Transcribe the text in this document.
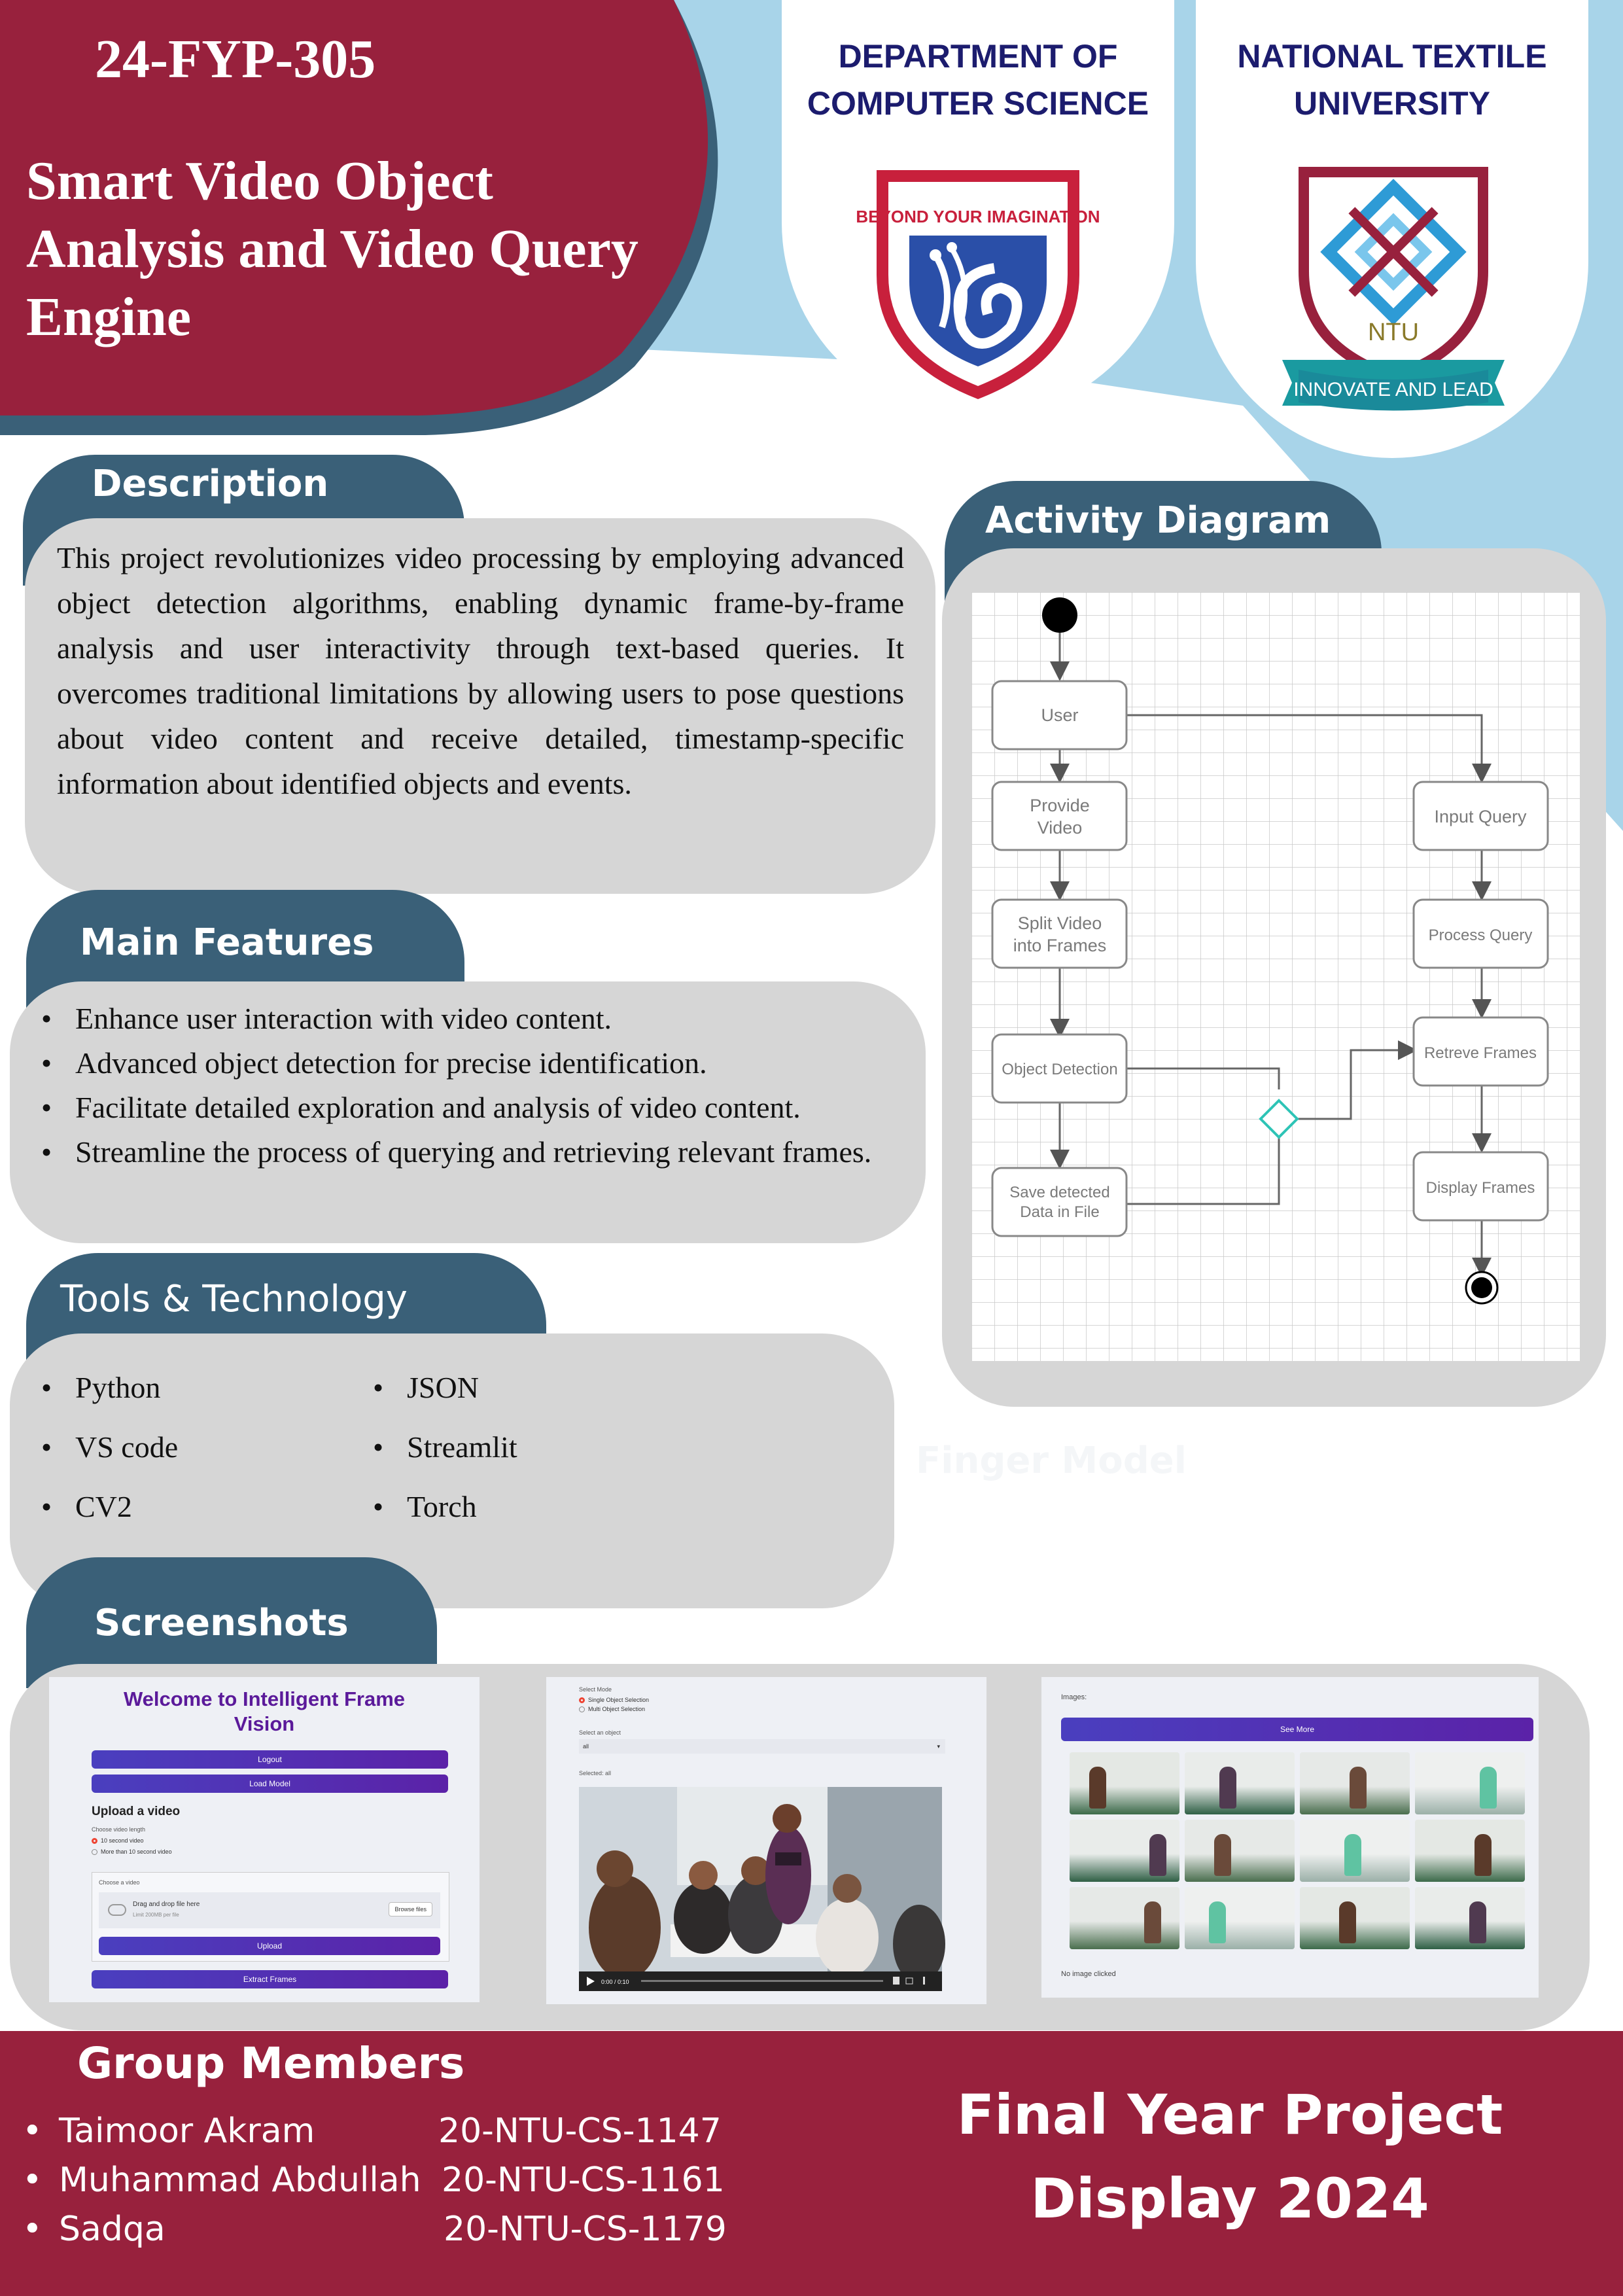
24-FYP-305
Smart Video Object
Analysis and Video Query
Engine
DEPARTMENT OF
COMPUTER SCIENCE
BEYOND YOUR IMAGINATION
NATIONAL TEXTILE
UNIVERSITY
NTU
INNOVATE AND LEAD
Description
This project revolutionizes video processing by employing advanced object detection algorithms, enabling dynamic frame-by-frame analysis and user interactivity through text-based queries. It overcomes traditional limitations by allowing users to pose questions about video content and receive detailed, timestamp-specific information about identified objects and events.
Main Features
• Enhance user interaction with video content.
• Advanced object detection for precise identification.
• Facilitate detailed exploration and analysis of video content.
• Streamline the process of querying and retrieving relevant frames.
Tools & Technology
• Python
• VS code
• CV2
• JSON
• Streamlit
• Torch
Finger Model
Activity Diagram
User
Provide
Video
Split Video
into Frames
Object Detection
Save detected
Data in File
Input Query
Process Query
Retreve Frames
Display Frames
Screenshots
Welcome to Intelligent Frame
Vision
Logout
Load Model
Upload a video
Choose video length
10 second video
More than 10 second video
Choose a video
Drag and drop file here
Limit 200MB per file
Browse files
Upload
Extract Frames
Select Mode
Single Object Selection
Multi Object Selection
Select an object
all	▾
Selected: all
0:00 / 0:10
Images:
See More
No image clicked
Group Members
• Taimoor Akram	20-NTU-CS-1147
• Muhammad Abdullah 20-NTU-CS-1161
• Sadqa	20-NTU-CS-1179
Final Year Project
Display 2024
